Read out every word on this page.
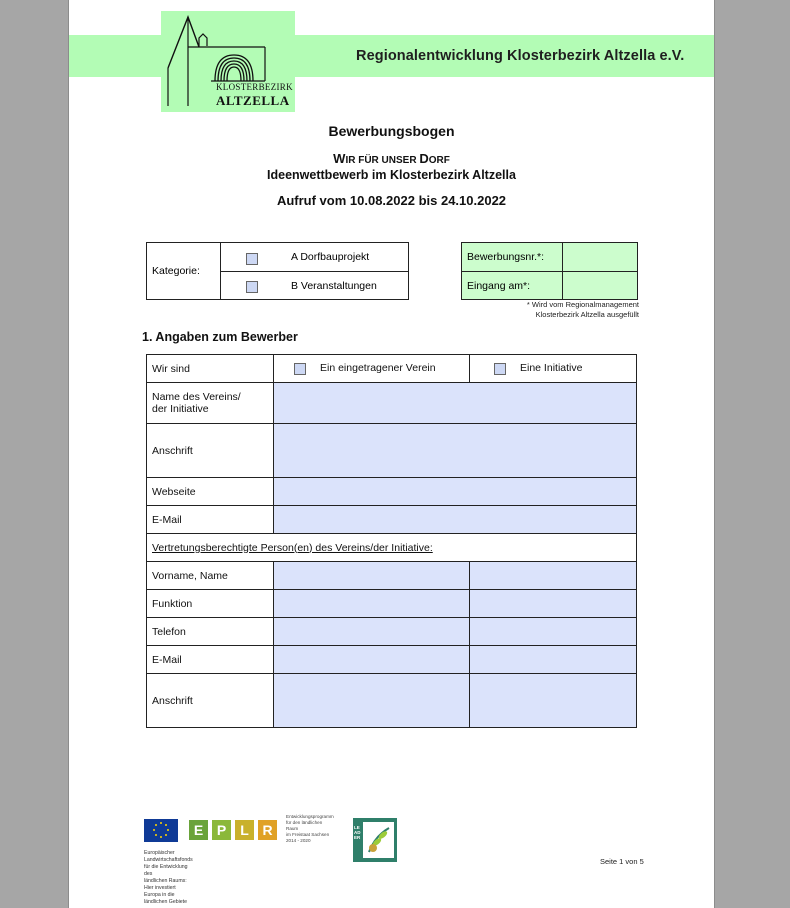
Regionalentwicklung Klosterbezirk Altzella e.V.
KLOSTERBEZIRK
ALTZELLA
Bewerbungsbogen
WIR FÜR UNSER DORF
Ideenwettbewerb im Klosterbezirk Altzella
Aufruf vom 10.08.2022 bis 24.10.2022
Kategorie:
A Dorfbauprojekt
B Veranstaltungen
Bewerbungsnr.*:
Eingang am*:
* Wird vom Regionalmanagement
Klosterbezirk Altzella ausgefüllt
1. Angaben zum Bewerber
Wir sind	Ein eingetragener Verein	Eine Initiative

Name des Vereins/
der Initiative		

Anschrift		
Webseite		
E-Mail		
Vertretungsberechtigte Person(en) des Vereins/der Initiative:		
Vorname, Name		
Funktion		
Telefon		
E-Mail		
Anschrift		
E P	L R
Entwicklungsprogramm
für den ländlichen Raum
im Freistaat Sachsen
2014 - 2020
Europäischer Landwirtschaftsfonds für die Entwicklung des
ländlichen Raums: Hier investiert Europa in die ländlichen Gebiete
LEADER
Seite 1 von 5
